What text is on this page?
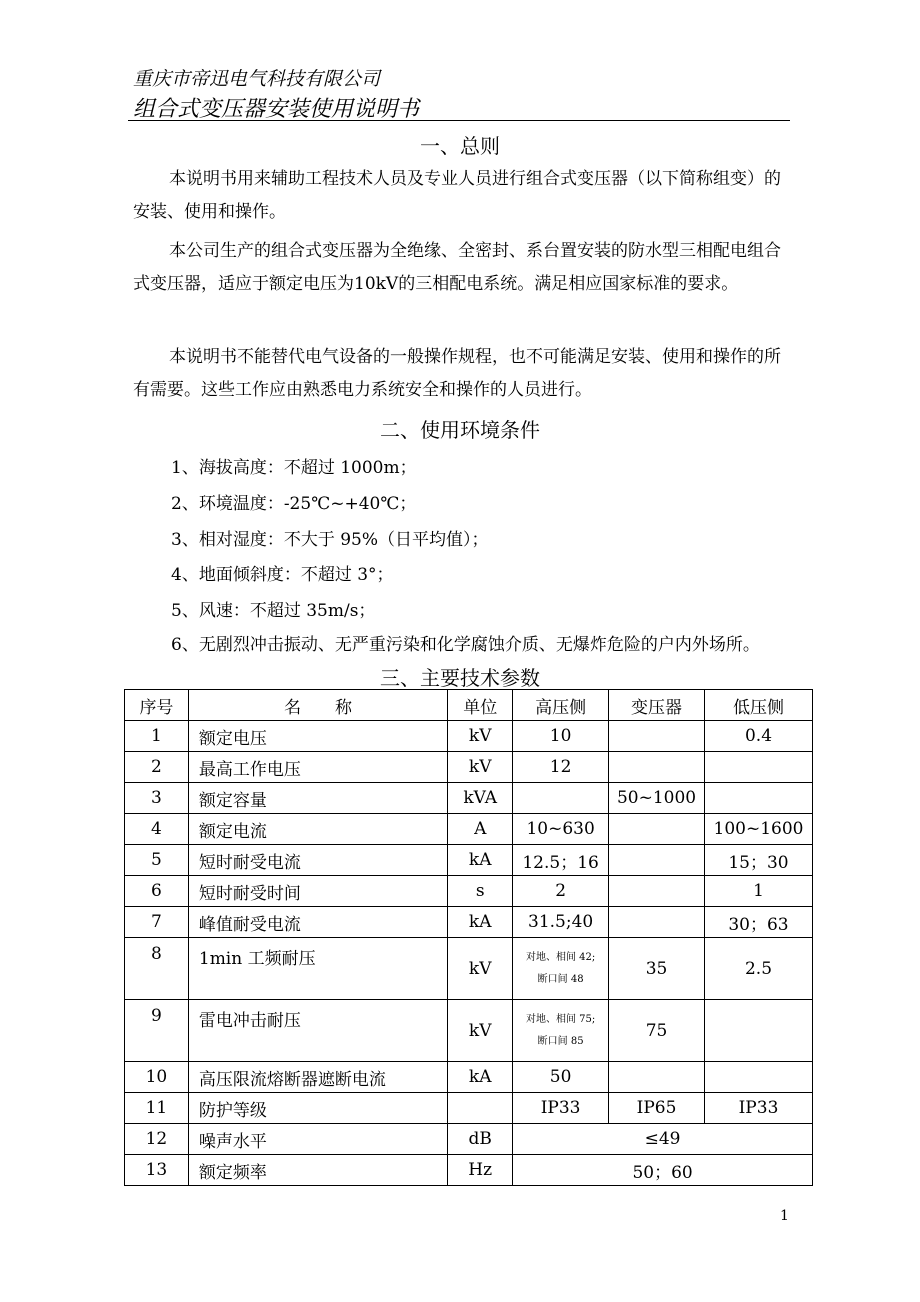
重庆市帝迅电气科技有限公司
组合式变压器安装使用说明书
一、总则
本说明书用来辅助工程技术人员及专业人员进行组合式变压器（以下简称组变）的安装、使用和操作。
本公司生产的组合式变压器为全绝缘、全密封、系台置安装的防水型三相配电组合式变压器，适应于额定电压为10kV的三相配电系统。满足相应国家标准的要求。
本说明书不能替代电气设备的一般操作规程，也不可能满足安装、使用和操作的所有需要。这些工作应由熟悉电力系统安全和操作的人员进行。
二、使用环境条件
1、海拔高度：不超过 1000m；
2、环境温度：-25℃~+40℃；
3、相对湿度：不大于 95%（日平均值）；
4、地面倾斜度：不超过 3°；
5、风速：不超过 35m/s；
6、无剧烈冲击振动、无严重污染和化学腐蚀介质、无爆炸危险的户内外场所。
三、主要技术参数
序号	名　　称	单位	高压侧	变压器	低压侧
1	额定电压	kV	10		0.4
2	最高工作电压	kV	12		
3	额定容量	kVA		50~1000	
4	额定电流	A	10~630		100~1600
5	短时耐受电流	kA	12.5；16		15；30
6	短时耐受时间	s	2		1
7	峰值耐受电流	kA	31.5;40		30；63
8	1min 工频耐压	kV	对地、相间 42;
断口间 48	35	2.5
9	雷电冲击耐压	kV	对地、相间 75;
断口间 85	75	
10	高压限流熔断器遮断电流	kA	50		
11	防护等级		IP33	IP65	IP33
12	噪声水平	dB	≤49		
13	额定频率	Hz	50；60		
1
